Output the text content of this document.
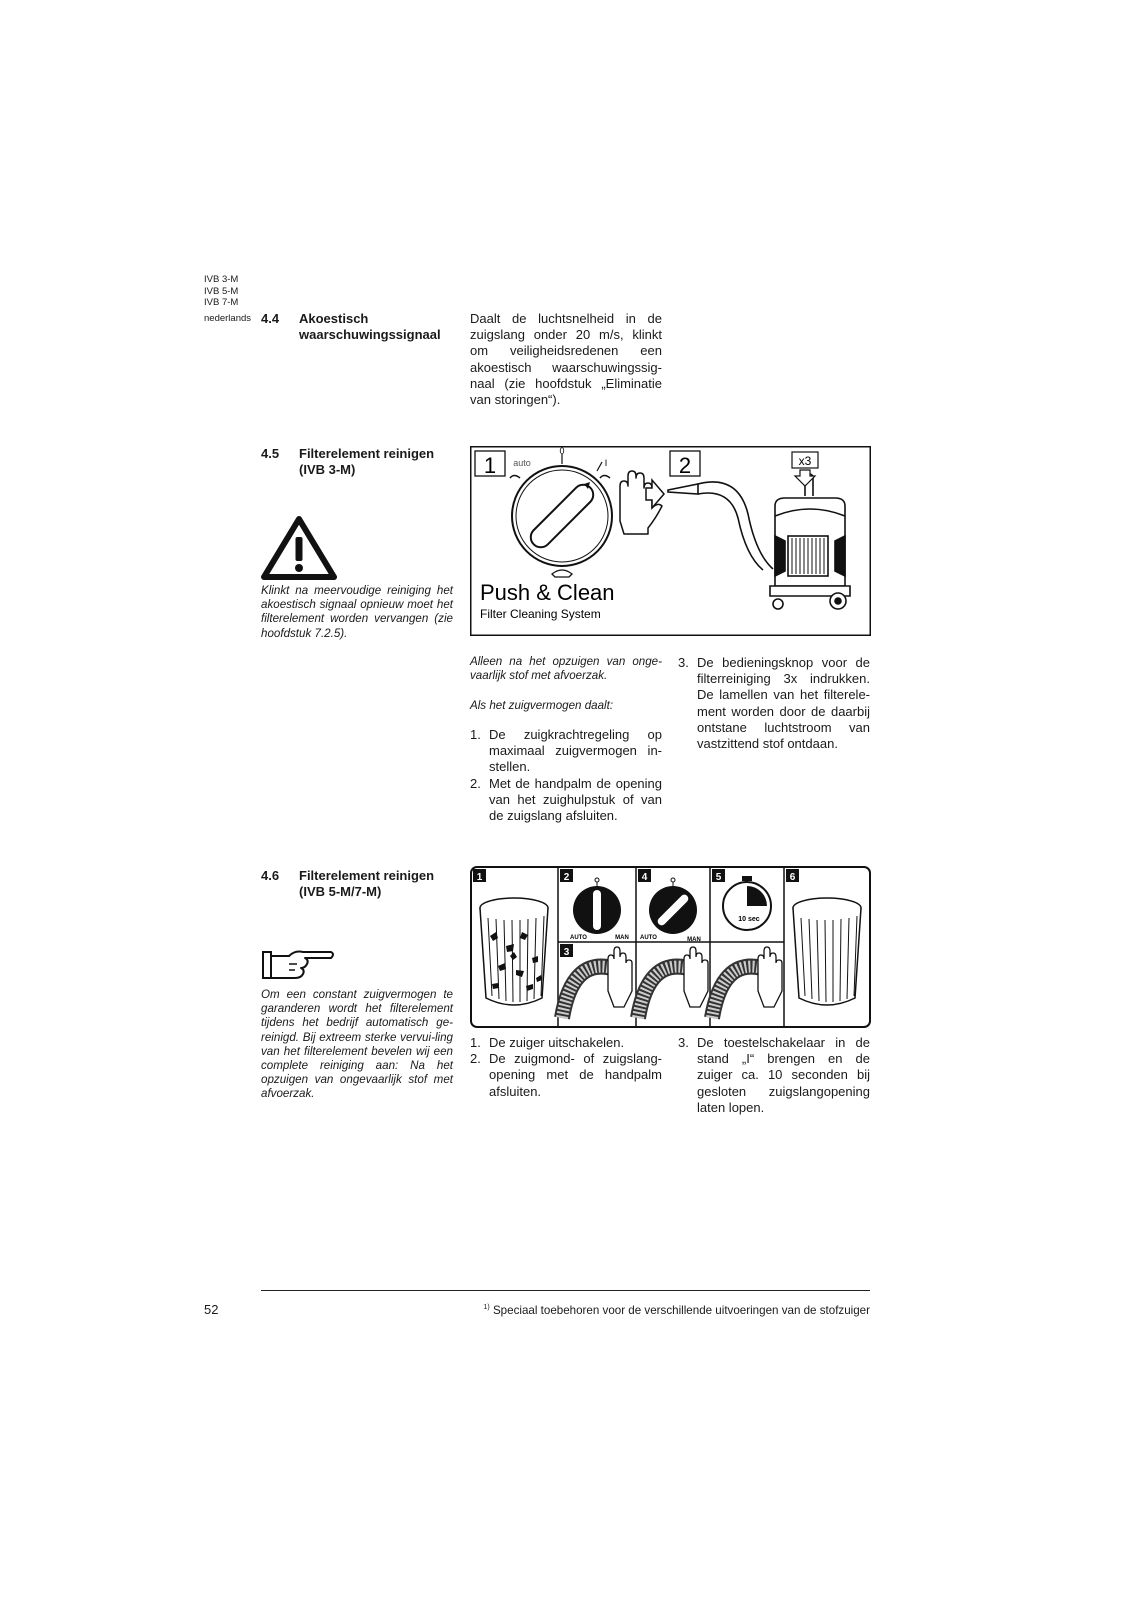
IVB 3-M
IVB 5-M
IVB 7-M
nederlands 4.4 Akoestisch waarschuwingssignaal
Daalt de luchtsnelheid in de zuigslang onder 20 m/s, klinkt om veiligheidsredenen een akoestisch waarschuwingssig-naal (zie hoofdstuk „Eliminatie van storingen“).
4.5 Filterelement reinigen (IVB 3-M)
Klinkt na meervoudige reiniging het akoestisch signaal opnieuw moet het filterelement worden vervangen (zie hoofdstuk 7.2.5).
1	2
0
auto	I	x3
Push & Clean
Filter Cleaning System
Alleen na het opzuigen van onge-vaarlijk stof met afvoerzak.
Als het zuigvermogen daalt:
1. De zuigkrachtregeling op maximaal zuigvermogen in-stellen.
2. Met de handpalm de opening van het zuighulpstuk of van de zuigslang afsluiten.
3. De bedieningsknop voor de filterreiniging 3x indrukken. De lamellen van het filterele-ment worden door de daarbij ontstane luchtstroom van vastzittend stof ontdaan.
4.6 Filterelement reinigen (IVB 5-M/7-M)
Om een constant zuigvermogen te garanderen wordt het filterelement tijdens het bedrijf automatisch ge-reinigd. Bij extreem sterke vervui-ling van het filterelement bevelen wij een complete reiniging aan: Na het opzuigen van ongevaarlijk stof met afvoerzak.
1	2
3
4	5	6
AUTO	MAN AUTO	MAN
10 sec
1. De zuiger uitschakelen.
2. De zuigmond- of zuigslang-opening met de handpalm afsluiten.
3. De toestelschakelaar in de stand „I“ brengen en de zuiger ca. 10 seconden bij gesloten zuigslangopening laten lopen.
52	$^{1)}$ Speciaal toebehoren voor de verschillende uitvoeringen van de stofzuiger
